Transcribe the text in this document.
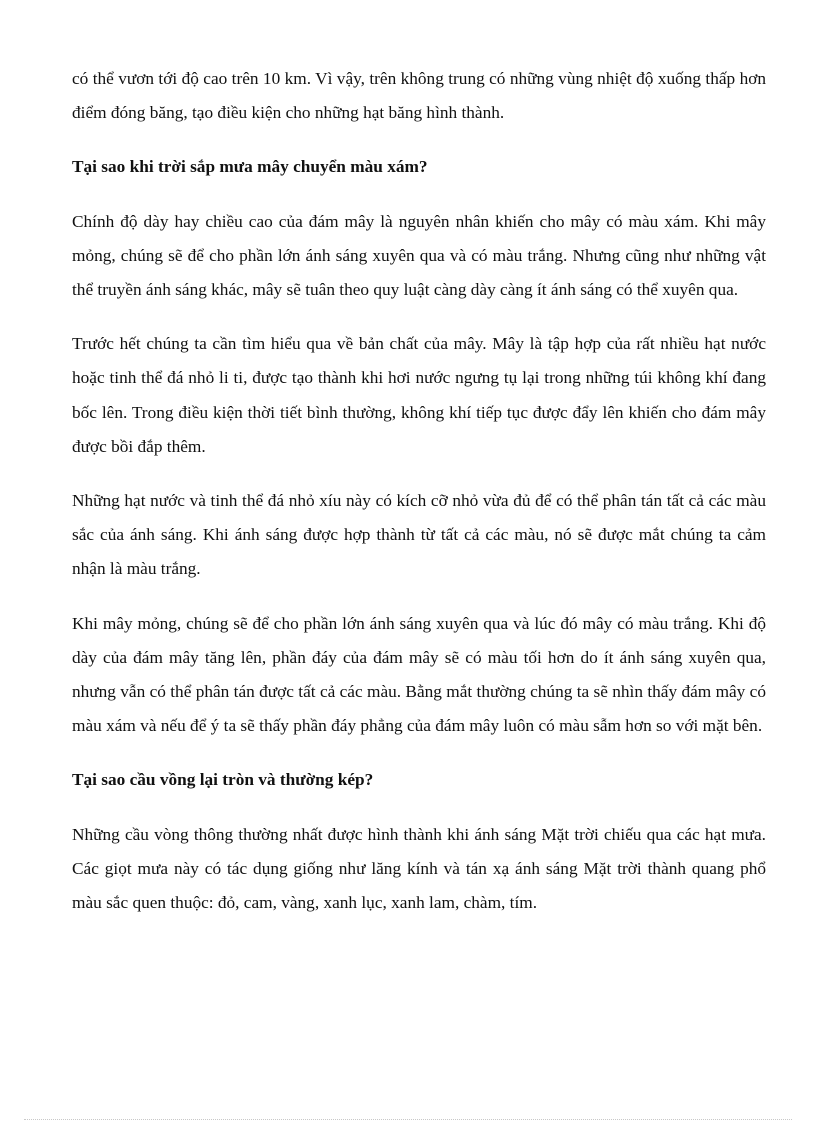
có thể vươn tới độ cao trên 10 km. Vì vậy, trên không trung có những vùng nhiệt độ xuống thấp hơn điểm đóng băng, tạo điều kiện cho những hạt băng hình thành.

Tại sao khi trời sắp mưa mây chuyển màu xám?

Chính độ dày hay chiều cao của đám mây là nguyên nhân khiến cho mây có màu xám. Khi mây mỏng, chúng sẽ để cho phần lớn ánh sáng xuyên qua và có màu trắng. Nhưng cũng như những vật thể truyền ánh sáng khác, mây sẽ tuân theo quy luật càng dày càng ít ánh sáng có thể xuyên qua.

Trước hết chúng ta cần tìm hiểu qua về bản chất của mây. Mây là tập hợp của rất nhiều hạt nước hoặc tinh thể đá nhỏ li ti, được tạo thành khi hơi nước ngưng tụ lại trong những túi không khí đang bốc lên. Trong điều kiện thời tiết bình thường, không khí tiếp tục được đẩy lên khiến cho đám mây được bồi đắp thêm.

Những hạt nước và tinh thể đá nhỏ xíu này có kích cỡ nhỏ vừa đủ để có thể phân tán tất cả các màu sắc của ánh sáng. Khi ánh sáng được hợp thành từ tất cả các màu, nó sẽ được mắt chúng ta cảm nhận là màu trắng.

Khi mây mỏng, chúng sẽ để cho phần lớn ánh sáng xuyên qua và lúc đó mây có màu trắng. Khi độ dày của đám mây tăng lên, phần đáy của đám mây sẽ có màu tối hơn do ít ánh sáng xuyên qua, nhưng vẫn có thể phân tán được tất cả các màu. Bằng mắt thường chúng ta sẽ nhìn thấy đám mây có màu xám và nếu để ý ta sẽ thấy phần đáy phẳng của đám mây luôn có màu sẫm hơn so với mặt bên.

Tại sao cầu vồng lại tròn và thường kép?

Những cầu vòng thông thường nhất được hình thành khi ánh sáng Mặt trời chiếu qua các hạt mưa. Các giọt mưa này có tác dụng giống như lăng kính và tán xạ ánh sáng Mặt trời thành quang phổ màu sắc quen thuộc: đỏ, cam, vàng, xanh lục, xanh lam, chàm, tím.
